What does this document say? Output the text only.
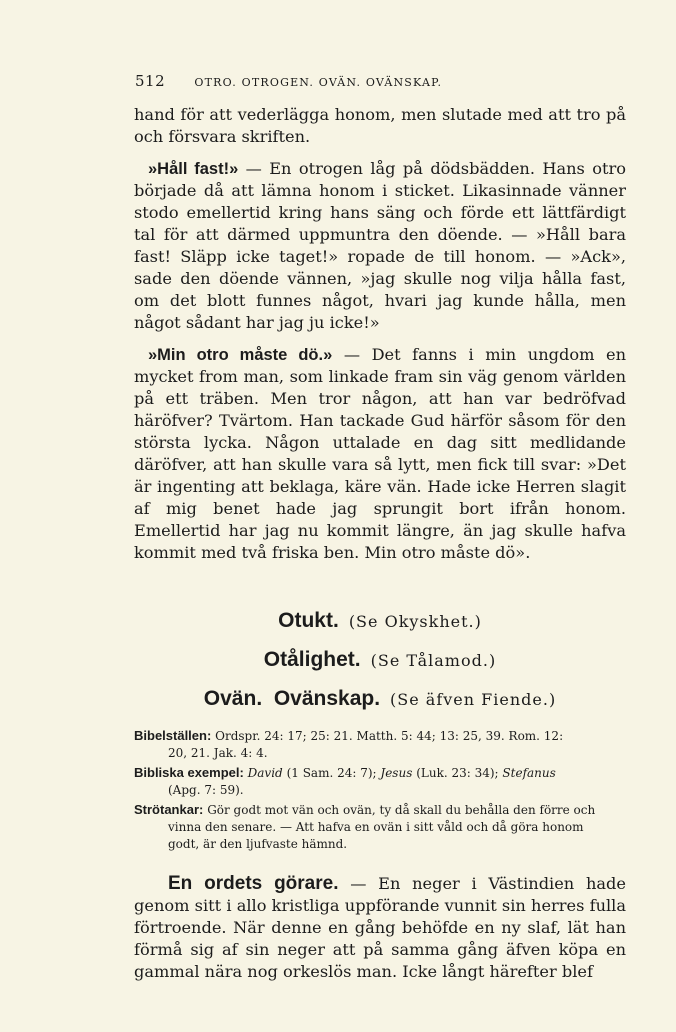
512	OTRO. OTROGEN. OVÄN. OVÄNSKAP.

hand för att vederlägga honom, men slutade med att tro på och försvara skriften.

»Håll fast!» — En otrogen låg på dödsbädden. Hans otro började då att lämna honom i sticket. Likasinnade vänner stodo emellertid kring hans säng och förde ett lättfärdigt tal för att därmed uppmuntra den döende. — »Håll bara fast! Släpp icke taget!» ropade de till honom. — »Ack», sade den döende vännen, »jag skulle nog vilja hålla fast, om det blott funnes något, hvari jag kunde hålla, men något sådant har jag ju icke!»

»Min otro måste dö.» — Det fanns i min ungdom en mycket from man, som linkade fram sin väg genom världen på ett träben. Men tror någon, att han var bedröfvad häröfver? Tvärtom. Han tackade Gud härför såsom för den största lycka. Någon uttalade en dag sitt medlidande däröfver, att han skulle vara så lytt, men fick till svar: »Det är ingenting att beklaga, käre vän. Hade icke Herren slagit af mig benet hade jag sprungit bort ifrån honom. Emellertid har jag nu kommit längre, än jag skulle hafva kommit med två friska ben. Min otro måste dö».

Otukt. (Se Okyskhet.)
Otålighet. (Se Tålamod.)
Ovän.  Ovänskap. (Se äfven Fiende.)
Bibelställen: Ordspr. 24: 17; 25: 21. Matth. 5: 44; 13: 25, 39. Rom. 12:
20, 21. Jak. 4: 4.
Bibliska exempel: David (1 Sam. 24: 7); Jesus (Luk. 23: 34); Stefanus
(Apg. 7: 59).
Strötankar: Gör godt mot vän och ovän, ty då skall du behålla den förre och
vinna den senare. — Att hafva en ovän i sitt våld och då göra honom
godt, är den ljufvaste hämnd.

En ordets görare. — En neger i Västindien hade genom sitt i allo kristliga uppförande vunnit sin herres fulla förtroende. När denne en gång behöfde en ny slaf, lät han förmå sig af sin neger att på samma gång äfven köpa en gammal nära nog orkeslös man. Icke långt härefter blef
